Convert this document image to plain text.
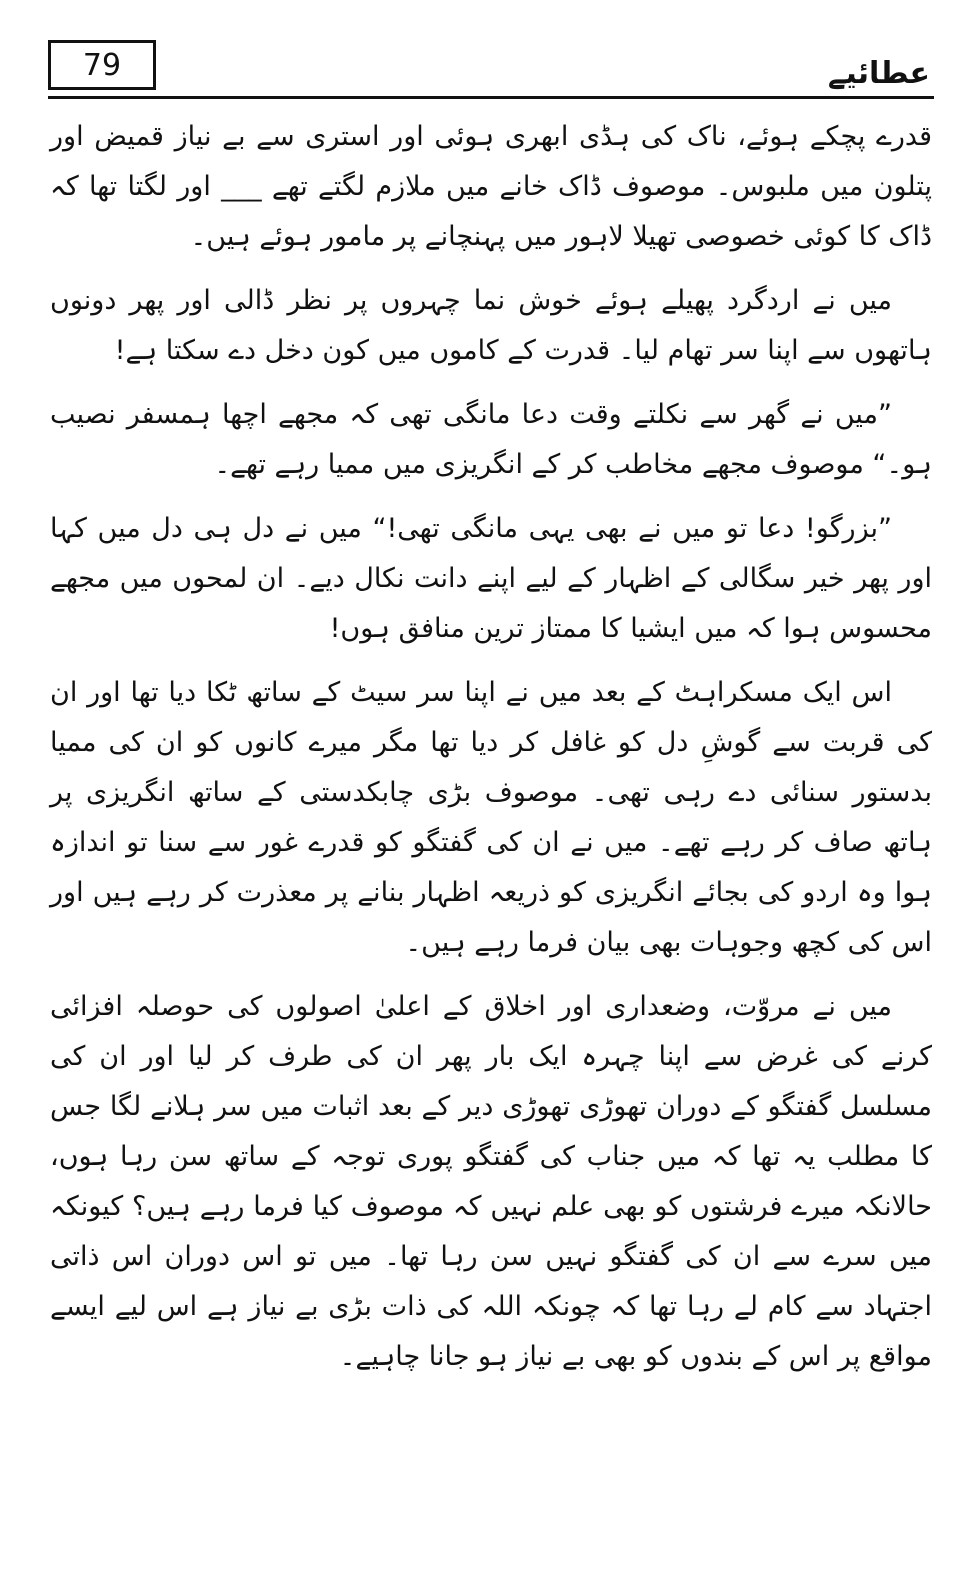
79	عطائیے

قدرے پچکے ہوئے، ناک کی ہڈی ابھری ہوئی اور استری سے بے نیاز قمیض اور پتلون میں ملبوس۔ موصوف ڈاک خانے میں ملازم لگتے تھے ___ اور لگتا تھا کہ ڈاک کا کوئی خصوصی تھیلا لاہور میں پہنچانے پر مامور ہوئے ہیں۔

میں نے اردگرد پھیلے ہوئے خوش نما چہروں پر نظر ڈالی اور پھر دونوں ہاتھوں سے اپنا سر تھام لیا۔ قدرت کے کاموں میں کون دخل دے سکتا ہے!

”میں نے گھر سے نکلتے وقت دعا مانگی تھی کہ مجھے اچھا ہمسفر نصیب ہو۔“ موصوف مجھے مخاطب کر کے انگریزی میں ممیا رہے تھے۔

”بزرگو! دعا تو میں نے بھی یہی مانگی تھی!“ میں نے دل ہی دل میں کہا اور پھر خیر سگالی کے اظہار کے لیے اپنے دانت نکال دیے۔ ان لمحوں میں مجھے محسوس ہوا کہ میں ایشیا کا ممتاز ترین منافق ہوں!

اس ایک مسکراہٹ کے بعد میں نے اپنا سر سیٹ کے ساتھ ٹکا دیا تھا اور ان کی قربت سے گوشِ دل کو غافل کر دیا تھا مگر میرے کانوں کو ان کی ممیا بدستور سنائی دے رہی تھی۔ موصوف بڑی چابکدستی کے ساتھ انگریزی پر ہاتھ صاف کر رہے تھے۔ میں نے ان کی گفتگو کو قدرے غور سے سنا تو اندازہ ہوا وہ اردو کی بجائے انگریزی کو ذریعہ اظہار بنانے پر معذرت کر رہے ہیں اور اس کی کچھ وجوہات بھی بیان فرما رہے ہیں۔

میں نے مروّت، وضعداری اور اخلاق کے اعلیٰ اصولوں کی حوصلہ افزائی کرنے کی غرض سے اپنا چہرہ ایک بار پھر ان کی طرف کر لیا اور ان کی مسلسل گفتگو کے دوران تھوڑی تھوڑی دیر کے بعد اثبات میں سر ہلانے لگا جس کا مطلب یہ تھا کہ میں جناب کی گفتگو پوری توجہ کے ساتھ سن رہا ہوں، حالانکہ میرے فرشتوں کو بھی علم نہیں کہ موصوف کیا فرما رہے ہیں؟ کیونکہ میں سرے سے ان کی گفتگو نہیں سن رہا تھا۔ میں تو اس دوران اس ذاتی اجتہاد سے کام لے رہا تھا کہ چونکہ اللہ کی ذات بڑی بے نیاز ہے اس لیے ایسے مواقع پر اس کے بندوں کو بھی بے نیاز ہو جانا چاہیے۔
